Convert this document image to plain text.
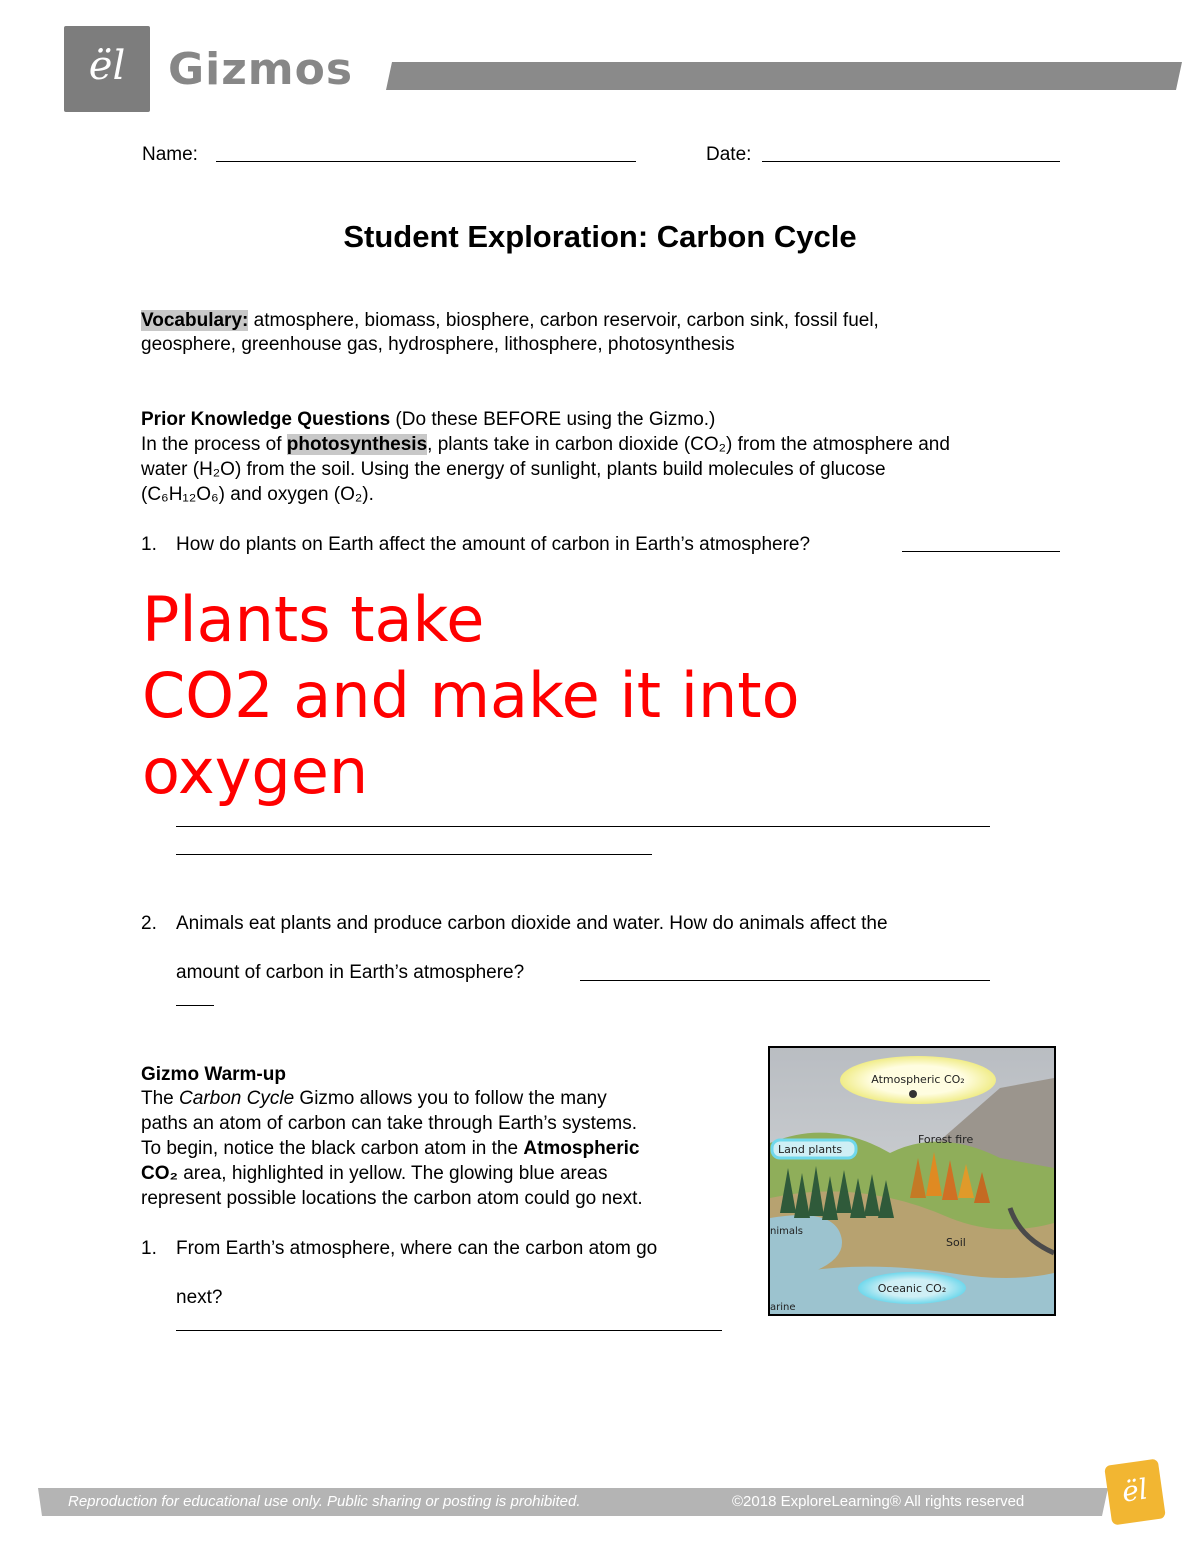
ël Gizmos
Name:	Date:
Student Exploration: Carbon Cycle
Vocabulary: atmosphere, biomass, biosphere, carbon reservoir, carbon sink, fossil fuel,
geosphere, greenhouse gas, hydrosphere, lithosphere, photosynthesis
Prior Knowledge Questions (Do these BEFORE using the Gizmo.)
In the process of photosynthesis, plants take in carbon dioxide (CO₂) from the atmosphere and
water (H₂O) from the soil. Using the energy of sunlight, plants build molecules of glucose
(C₆H₁₂O₆) and oxygen (O₂).
1. How do plants on Earth affect the amount of carbon in Earth’s atmosphere?
Plants take
CO2 and make it into
oxygen
2. Animals eat plants and produce carbon dioxide and water. How do animals affect the
amount of carbon in Earth’s atmosphere?
Gizmo Warm-up
The Carbon Cycle Gizmo allows you to follow the many
paths an atom of carbon can take through Earth’s systems.
To begin, notice the black carbon atom in the Atmospheric
CO₂ area, highlighted in yellow. The glowing blue areas
represent possible locations the carbon atom could go next.
1. From Earth’s atmosphere, where can the carbon atom go
next?
Atmospheric CO₂
Forest fire
Land plants
nimals
Soil
Oceanic CO₂
arine
Reproduction for educational use only. Public sharing or posting is prohibited.	©2018 ExploreLearning® All rights reserved	ël
